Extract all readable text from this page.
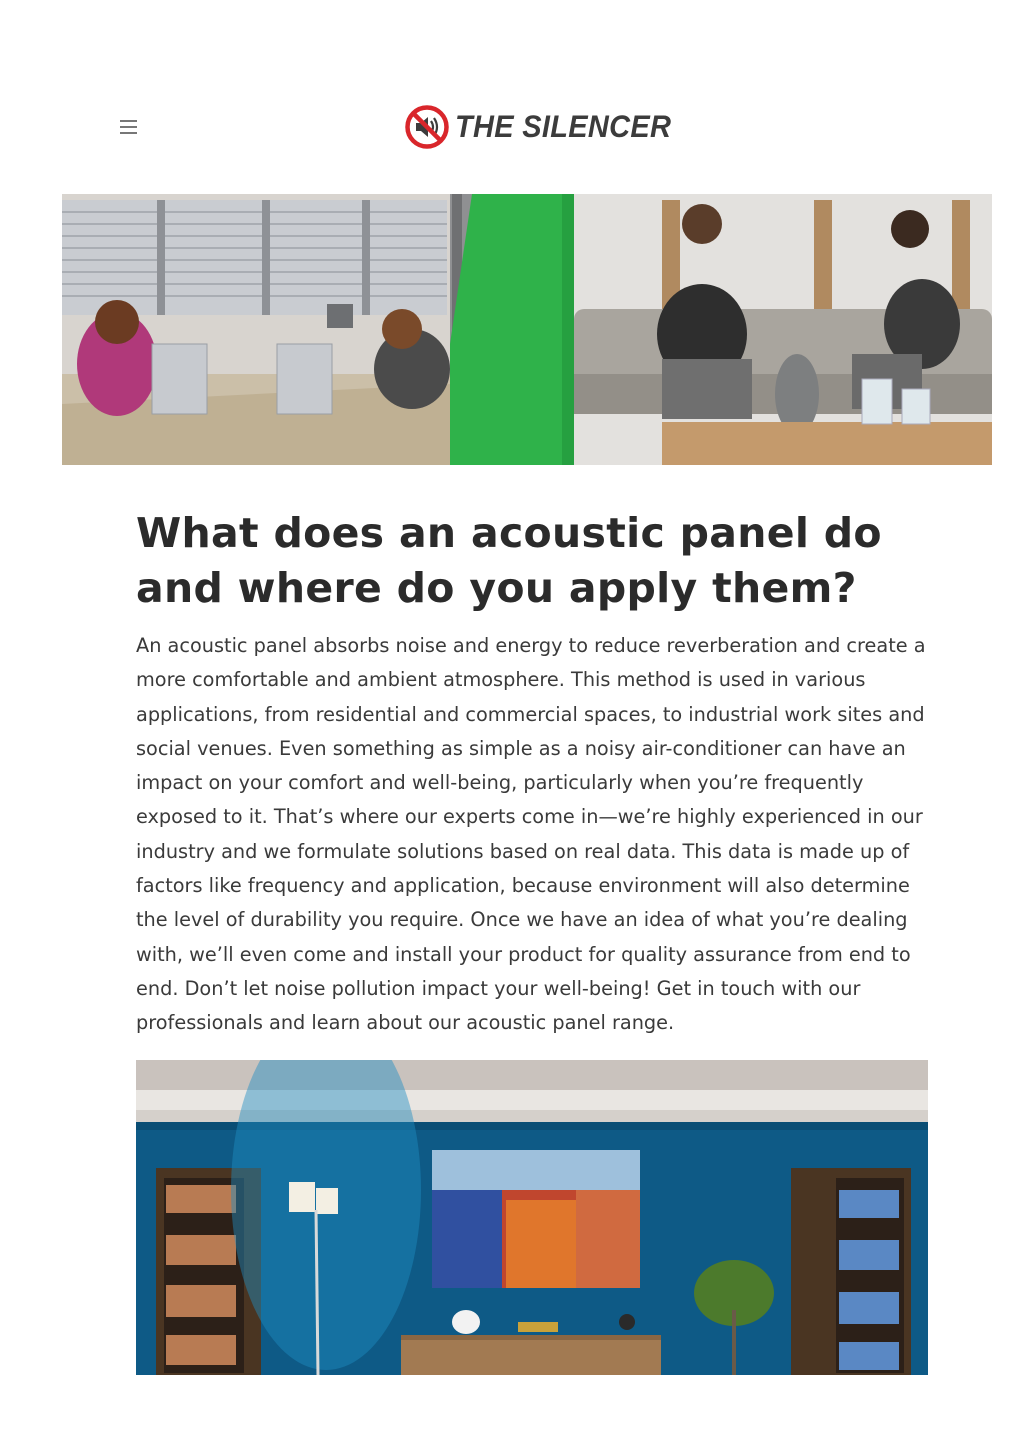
THE SILENCER
What does an acoustic panel do and where do you apply them?

An acoustic panel absorbs noise and energy to reduce reverberation and create a more comfortable and ambient atmosphere. This method is used in various applications, from residential and commercial spaces, to industrial work sites and social venues. Even something as simple as a noisy air-conditioner can have an impact on your comfort and well-being, particularly when you’re frequently exposed to it. That’s where our experts come in—we’re highly experienced in our industry and we formulate solutions based on real data. This data is made up of factors like frequency and application, because environment will also determine the level of durability you require. Once we have an idea of what you’re dealing with, we’ll even come and install your product for quality assurance from end to end. Don’t let noise pollution impact your well-being! Get in touch with our professionals and learn about our acoustic panel range.
